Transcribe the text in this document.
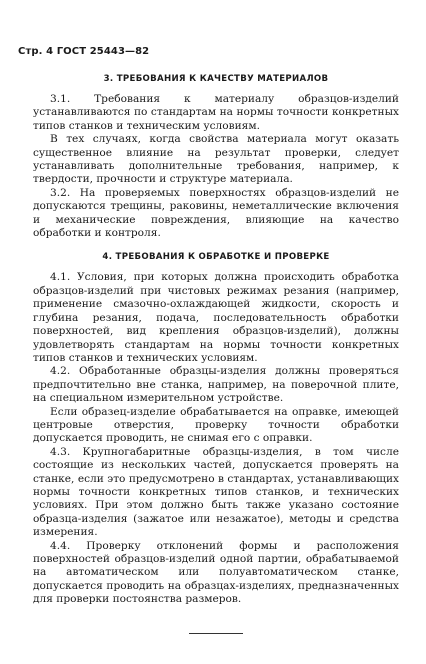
Стр. 4 ГОСТ 25443—82
3. ТРЕБОВАНИЯ К КАЧЕСТВУ МАТЕРИАЛОВ

3.1. Требования к материалу образцов-изделий устанавливаются по стандартам на нормы точности конкретных типов станков и техническим условиям.

В тех случаях, когда свойства материала могут оказать существенное влияние на результат проверки, следует устанавливать дополнительные требования, например, к твердости, прочности и структуре материала.

3.2. На проверяемых поверхностях образцов-изделий не допускаются трещины, раковины, неметаллические включения и механические повреждения, влияющие на качество обработки и контроля.

4. ТРЕБОВАНИЯ К ОБРАБОТКЕ И ПРОВЕРКЕ

4.1. Условия, при которых должна происходить обработка образцов-изделий при чистовых режимах резания (например, применение смазочно-охлаждающей жидкости, скорость и глубина резания, подача, последовательность обработки поверхностей, вид крепления образцов-изделий), должны удовлетворять стандартам на нормы точности конкретных типов станков и технических условиям.

4.2. Обработанные образцы-изделия должны проверяться предпочтительно вне станка, например, на поверочной плите, на специальном измерительном устройстве.

Если образец-изделие обрабатывается на оправке, имеющей центровые отверстия, проверку точности обработки допускается проводить, не снимая его с оправки.

4.3. Крупногабаритные образцы-изделия, в том числе состоящие из нескольких частей, допускается проверять на станке, если это предусмотрено в стандартах, устанавливающих нормы точности конкретных типов станков, и технических условиях. При этом должно быть также указано состояние образца-изделия (зажатое или незажатое), методы и средства измерения.

4.4. Проверку отклонений формы и расположения поверхностей образцов-изделий одной партии, обрабатываемой на автоматическом или полуавтоматическом станке, допускается проводить на образцах-изделиях, предназначенных для проверки постоянства размеров.
